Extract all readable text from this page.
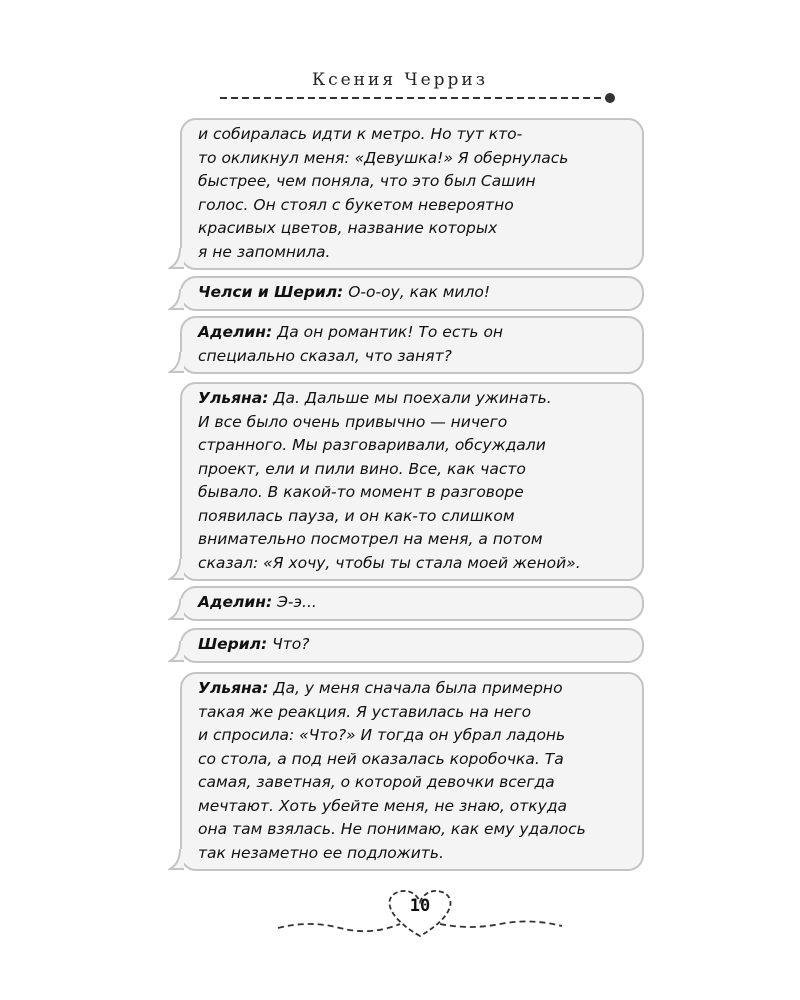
Ксения Черриз
и собиралась идти к метро. Но тут кто-
то окликнул меня: «Девушка!» Я обернулась
быстрее, чем поняла, что это был Сашин
голос. Он стоял с букетом невероятно
красивых цветов, название которых
я не запомнила.
Челси и Шерил: О-о-оу, как мило!
Аделин: Да он романтик! То есть он
специально сказал, что занят?
Ульяна: Да. Дальше мы поехали ужинать.
И все было очень привычно — ничего
странного. Мы разговаривали, обсуждали
проект, ели и пили вино. Все, как часто
бывало. В какой-то момент в разговоре
появилась пауза, и он как-то слишком
внимательно посмотрел на меня, а потом
сказал: «Я хочу, чтобы ты стала моей женой».
Аделин: Э-э...
Шерил: Что?
Ульяна: Да, у меня сначала была примерно
такая же реакция. Я уставилась на него
и спросила: «Что?» И тогда он убрал ладонь
со стола, а под ней оказалась коробочка. Та
самая, заветная, о которой девочки всегда
мечтают. Хоть убейте меня, не знаю, откуда
она там взялась. Не понимаю, как ему удалось
так незаметно ее подложить.
10
